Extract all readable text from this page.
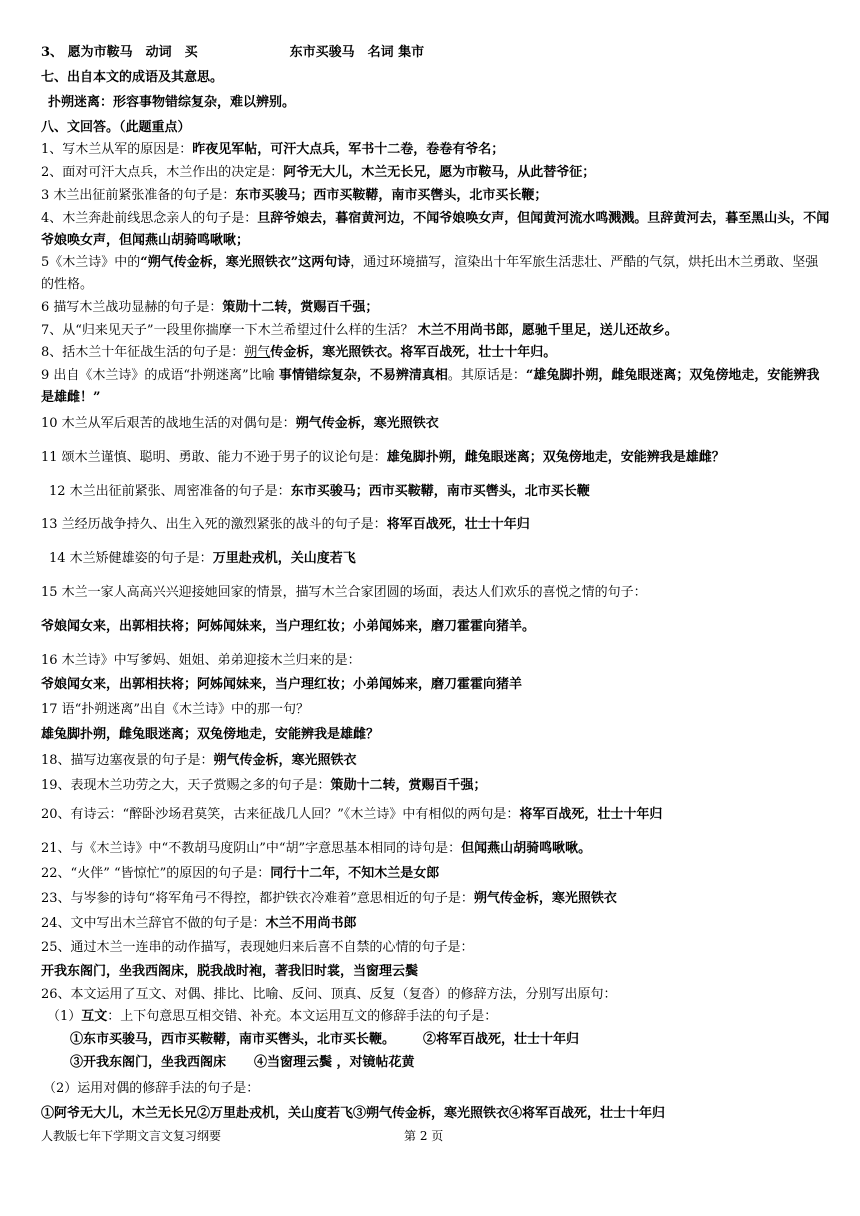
3、 愿为市鞍马　动词　买	东市买骏马　名词 集市
七、出自本文的成语及其意思。
扑朔迷离：形容事物错综复杂，难以辨别。
八、文回答。（此题重点）
1、写木兰从军的原因是：昨夜见军帖，可汗大点兵，军书十二卷，卷卷有爷名；
2、面对可汗大点兵，木兰作出的决定是：阿爷无大儿，木兰无长兄，愿为市鞍马，从此替爷征；
3 木兰出征前紧张准备的句子是：东市买骏马；西市买鞍鞯，南市买辔头，北市买长鞭；
4、木兰奔赴前线思念亲人的句子是：旦辞爷娘去，暮宿黄河边，不闻爷娘唤女声，但闻黄河流水鸣溅溅。旦辞黄河去，暮至黑山头，不闻爷娘唤女声，但闻燕山胡骑鸣啾啾；
5《木兰诗》中的“朔气传金柝，寒光照铁衣”这两句诗，通过环境描写，渲染出十年军旅生活悲壮、严酷的气氛，烘托出木兰勇敢、坚强的性格。
6 描写木兰战功显赫的句子是：策勋十二转，赏赐百千强；
7、从“归来见天子”一段里你揣摩一下木兰希望过什么样的生活？ 木兰不用尚书郎，愿驰千里足，送儿还故乡。
8、括木兰十年征战生活的句子是：朔气传金柝，寒光照铁衣。将军百战死，壮士十年归。
9 出自《木兰诗》的成语“扑朔迷离”比喻 事情错综复杂，不易辨清真相。其原话是：“雄兔脚扑朔，雌兔眼迷离；双兔傍地走，安能辨我是雄雌！”
10 木兰从军后艰苦的战地生活的对偶句是：朔气传金柝，寒光照铁衣
11 颂木兰谨慎、聪明、勇敢、能力不逊于男子的议论句是：雄兔脚扑朔，雌兔眼迷离；双兔傍地走，安能辨我是雄雌？
12 木兰出征前紧张、周密准备的句子是：东市买骏马；西市买鞍鞯，南市买辔头，北市买长鞭
13 兰经历战争持久、出生入死的激烈紧张的战斗的句子是：将军百战死，壮士十年归
14 木兰矫健雄姿的句子是：万里赴戎机，关山度若飞
15 木兰一家人高高兴兴迎接她回家的情景，描写木兰合家团圆的场面，表达人们欢乐的喜悦之情的句子：
爷娘闻女来，出郭相扶将；阿姊闻妹来，当户理红妆；小弟闻姊来，磨刀霍霍向猪羊。
16 木兰诗》中写爹妈、姐姐、弟弟迎接木兰归来的是：
爷娘闻女来，出郭相扶将；阿姊闻妹来，当户理红妆；小弟闻姊来，磨刀霍霍向猪羊
17 语“扑朔迷离”出自《木兰诗》中的那一句？
雄兔脚扑朔，雌兔眼迷离；双兔傍地走，安能辨我是雄雌？
18、描写边塞夜景的句子是：朔气传金柝，寒光照铁衣
19、表现木兰功劳之大，天子赏赐之多的句子是：策勋十二转，赏赐百千强；
20、有诗云：“醉卧沙场君莫笑，古来征战几人回？”《木兰诗》中有相似的两句是：将军百战死，壮士十年归
21、与《木兰诗》中“不教胡马度阴山”中“胡”字意思基本相同的诗句是：但闻燕山胡骑鸣啾啾。
22、“火伴” “皆惊忙”的原因的句子是：同行十二年，不知木兰是女郎
23、与岑参的诗句“将军角弓不得控，都护铁衣冷难着”意思相近的句子是：朔气传金柝，寒光照铁衣
24、文中写出木兰辞官不做的句子是：木兰不用尚书郎
25、通过木兰一连串的动作描写，表现她归来后喜不自禁的心情的句子是：
开我东阁门，坐我西阁床，脱我战时袍，著我旧时裳，当窗理云鬓
26、本文运用了互文、对偶、排比、比喻、反问、顶真、反复（复沓）的修辞方法，分别写出原句：
（1）互文：上下句意思互相交错、补充。本文运用互文的修辞手法的句子是：
①东市买骏马，西市买鞍鞯，南市买辔头，北市买长鞭。 ②将军百战死，壮士十年归
③开我东阁门，坐我西阁床 ④当窗理云鬓 ，对镜帖花黄
（2）运用对偶的修辞手法的句子是：
①阿爷无大儿，木兰无长兄②万里赴戎机，关山度若飞③朔气传金柝，寒光照铁衣④将军百战死，壮士十年归
人教版七年下学期文言文复习纲要	第 2 页
